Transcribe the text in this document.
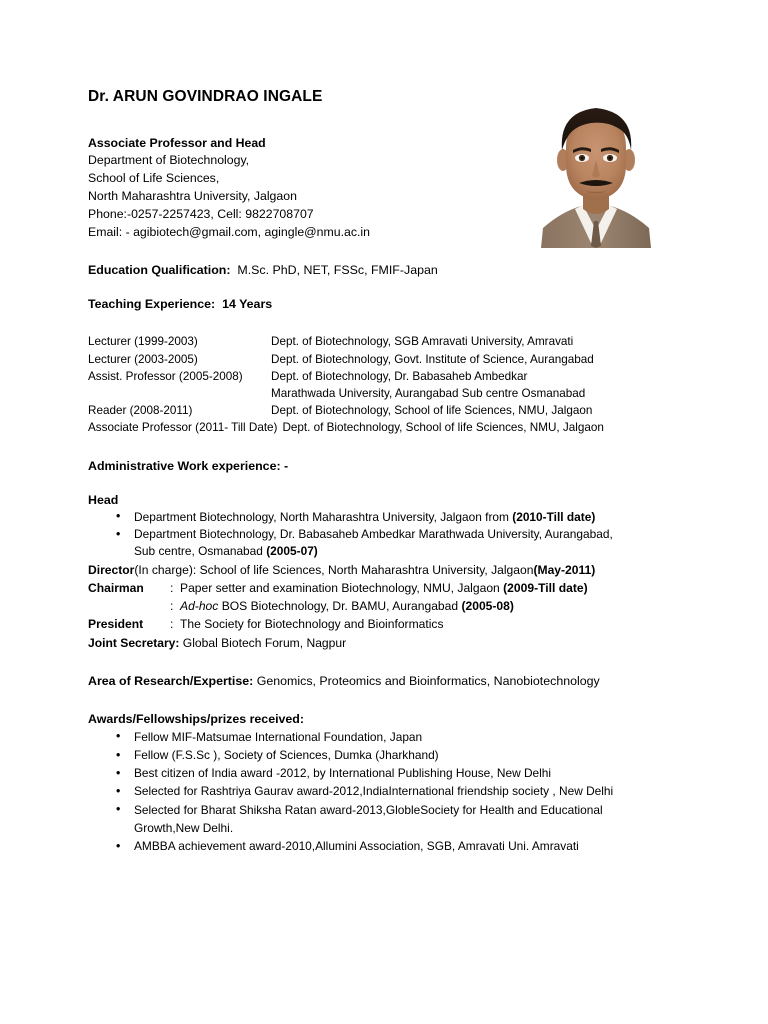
Dr. ARUN GOVINDRAO INGALE
Associate Professor and Head
Department of Biotechnology,
School of Life Sciences,
North Maharashtra University, Jalgaon
Phone:-0257-2257423, Cell: 9822708707
Email: - agibiotech@gmail.com, agingle@nmu.ac.in
Education Qualification: M.Sc. PhD, NET, FSSc, FMIF-Japan
Teaching Experience: 14 Years
Lecturer (1999-2003)	Dept. of Biotechnology, SGB Amravati University, Amravati
Lecturer (2003-2005)	Dept. of Biotechnology, Govt. Institute of Science, Aurangabad
Assist. Professor (2005-2008)	Dept. of Biotechnology, Dr. Babasaheb Ambedkar
Marathwada University, Aurangabad Sub centre Osmanabad
Reader (2008-2011)	Dept. of Biotechnology, School of life Sciences, NMU, Jalgaon
Associate Professor (2011- Till Date) Dept. of Biotechnology, School of life Sciences, NMU, Jalgaon
Administrative Work experience: -
Head
• Department Biotechnology, North Maharashtra University, Jalgaon from (2010-Till date)
• Department Biotechnology, Dr. Babasaheb Ambedkar Marathwada University, Aurangabad,
Sub centre, Osmanabad (2005-07)
Director (In charge) :
School of life Sciences, North Maharashtra University, Jalgaon (May-2011)
Chairman	: Paper setter and examination Biotechnology, NMU, Jalgaon (2009-Till date)
: Ad-hoc BOS Biotechnology, Dr. BAMU, Aurangabad (2005-08)
President	: The Society for Biotechnology and Bioinformatics
Joint Secretary:
Global Biotech Forum, Nagpur
Area of Research/Expertise: Genomics, Proteomics and Bioinformatics, Nanobiotechnology
Awards/Fellowships/prizes received:
• Fellow MIF-Matsumae International Foundation, Japan
• Fellow (F.S.Sc ), Society of Sciences, Dumka (Jharkhand)
• Best citizen of India award -2012, by International Publishing House, New Delhi
• Selected for Rashtriya Gaurav award-2012,IndiaInternational friendship society , New Delhi
• Selected for Bharat Shiksha Ratan award-2013,GlobleSociety for Health and Educational
Growth,New Delhi.
• AMBBA achievement award-2010,Allumini Association, SGB, Amravati Uni. Amravati
